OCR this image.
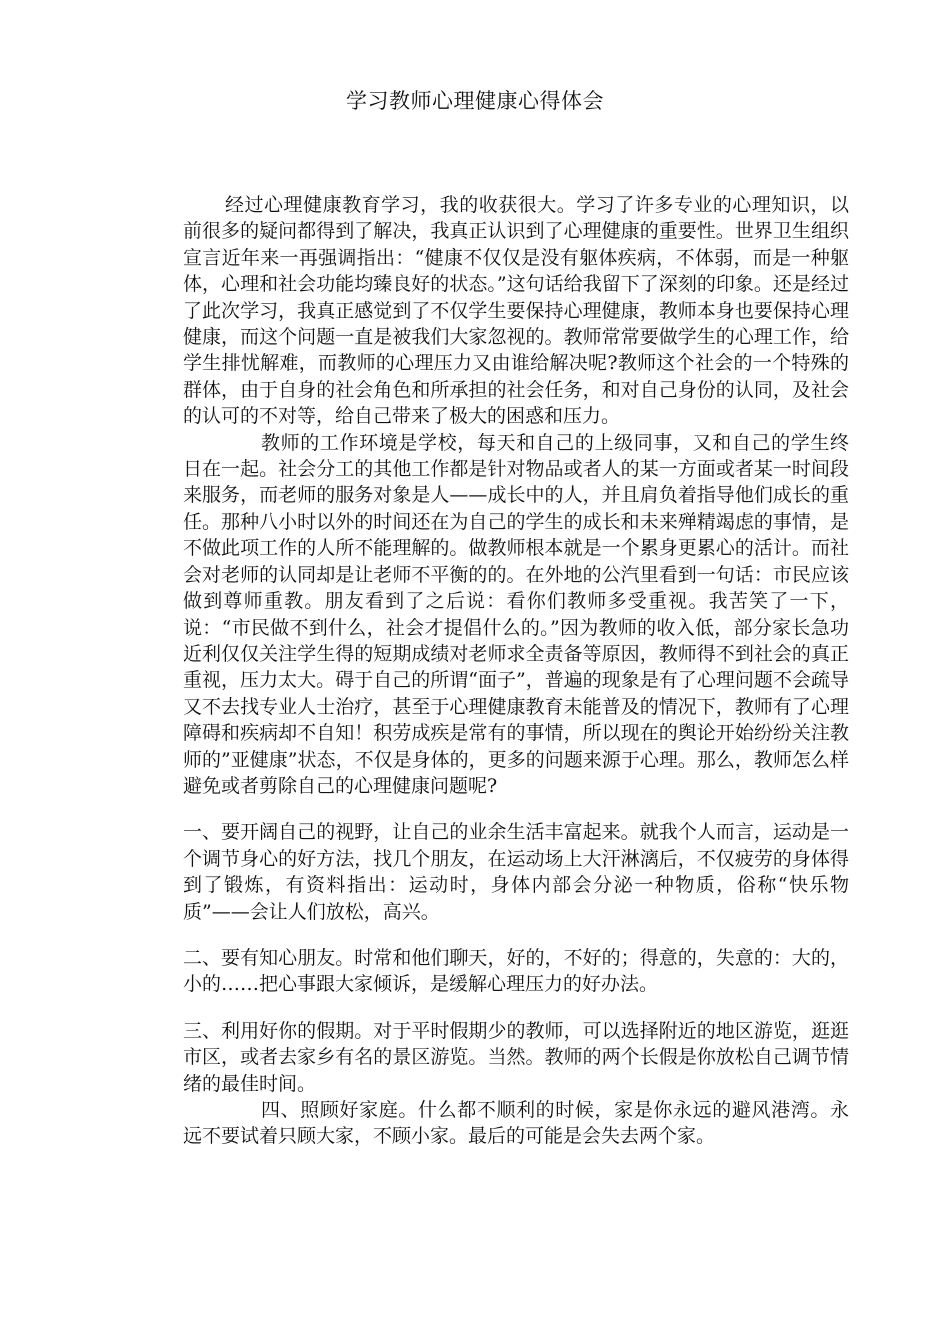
学习教师心理健康心得体会

经过心理健康教育学习，我的收获很大。学习了许多专业的心理知识，以前很多的疑问都得到了解决，我真正认识到了心理健康的重要性。世界卫生组织宣言近年来一再强调指出：“健康不仅仅是没有躯体疾病，不体弱，而是一种躯体，心理和社会功能均臻良好的状态。”这句话给我留下了深刻的印象。还是经过了此次学习，我真正感觉到了不仅学生要保持心理健康，教师本身也要保持心理健康，而这个问题一直是被我们大家忽视的。教师常常要做学生的心理工作，给学生排忧解难，而教师的心理压力又由谁给解决呢?教师这个社会的一个特殊的群体，由于自身的社会角色和所承担的社会任务，和对自己身份的认同，及社会的认可的不对等，给自己带来了极大的困惑和压力。

教师的工作环境是学校，每天和自己的上级同事，又和自己的学生终日在一起。社会分工的其他工作都是针对物品或者人的某一方面或者某一时间段来服务，而老师的服务对象是人——成长中的人，并且肩负着指导他们成长的重任。那种八小时以外的时间还在为自己的学生的成长和未来殚精竭虑的事情，是不做此项工作的人所不能理解的。做教师根本就是一个累身更累心的活计。而社会对老师的认同却是让老师不平衡的的。在外地的公汽里看到一句话：市民应该做到尊师重教。朋友看到了之后说：看你们教师多受重视。我苦笑了一下，说：“市民做不到什么，社会才提倡什么的。”因为教师的收入低，部分家长急功近利仅仅关注学生得的短期成绩对老师求全责备等原因，教师得不到社会的真正重视，压力太大。碍于自己的所谓“面子”，普遍的现象是有了心理问题不会疏导又不去找专业人士治疗，甚至于心理健康教育未能普及的情况下，教师有了心理障碍和疾病却不自知！积劳成疾是常有的事情，所以现在的舆论开始纷纷关注教师的”亚健康”状态，不仅是身体的，更多的问题来源于心理。那么，教师怎么样避免或者剪除自己的心理健康问题呢?

一、要开阔自己的视野，让自己的业余生活丰富起来。就我个人而言，运动是一个调节身心的好方法，找几个朋友，在运动场上大汗淋漓后，不仅疲劳的身体得到了锻炼，有资料指出：运动时，身体内部会分泌一种物质，俗称“快乐物质”——会让人们放松，高兴。

二、要有知心朋友。时常和他们聊天，好的，不好的；得意的，失意的：大的，小的……把心事跟大家倾诉，是缓解心理压力的好办法。

三、利用好你的假期。对于平时假期少的教师，可以选择附近的地区游览，逛逛市区，或者去家乡有名的景区游览。当然。教师的两个长假是你放松自己调节情绪的最佳时间。

四、照顾好家庭。什么都不顺利的时候，家是你永远的避风港湾。永远不要试着只顾大家，不顾小家。最后的可能是会失去两个家。
